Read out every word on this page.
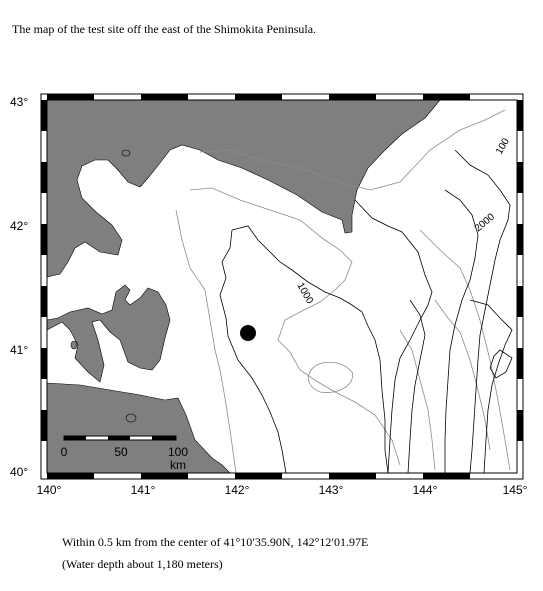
The map of the test site off the east of the Shimokita Peninsula.
1000
2000
100
0	50	100
km
43°
42°
41°
40°
140°	141°	142°	143°	144°	145°
Within 0.5 km from the center of 41°10′35.90N, 142°12′01.97E
(Water depth about 1,180 meters)
